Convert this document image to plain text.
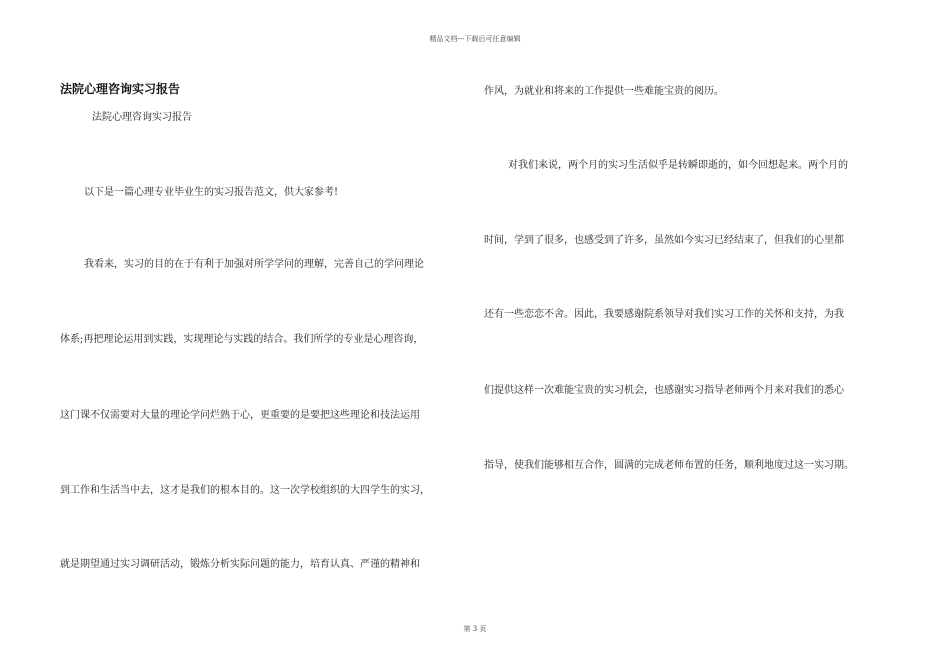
精品文档---下载后可任意编辑
法院心理咨询实习报告
法院心理咨询实习报告
以下是一篇心理专业毕业生的实习报告范文，供大家参考!
我看来，实习的目的在于有利于加强对所学学问的理解，完善自己的学问理论
体系;再把理论运用到实践，实现理论与实践的结合。我们所学的专业是心理咨询，
这门课不仅需要对大量的理论学问烂熟于心，更重要的是要把这些理论和技法运用
到工作和生活当中去，这才是我们的根本目的。这一次学校组织的大四学生的实习，
就是期望通过实习调研活动，锻炼分析实际问题的能力，培育认真、严谨的精神和
作风，为就业和将来的工作提供一些难能宝贵的阅历。
对我们来说，两个月的实习生活似乎是转瞬即逝的，如今回想起来。两个月的
时间，学到了很多，也感受到了许多，虽然如今实习已经结束了，但我们的心里都
还有一些恋恋不舍。因此，我要感谢院系领导对我们实习工作的关怀和支持，为我
们提供这样一次难能宝贵的实习机会，也感谢实习指导老师两个月来对我们的悉心
指导，使我们能够相互合作，圆满的完成老师布置的任务，顺利地度过这一实习期。
第 3 页
